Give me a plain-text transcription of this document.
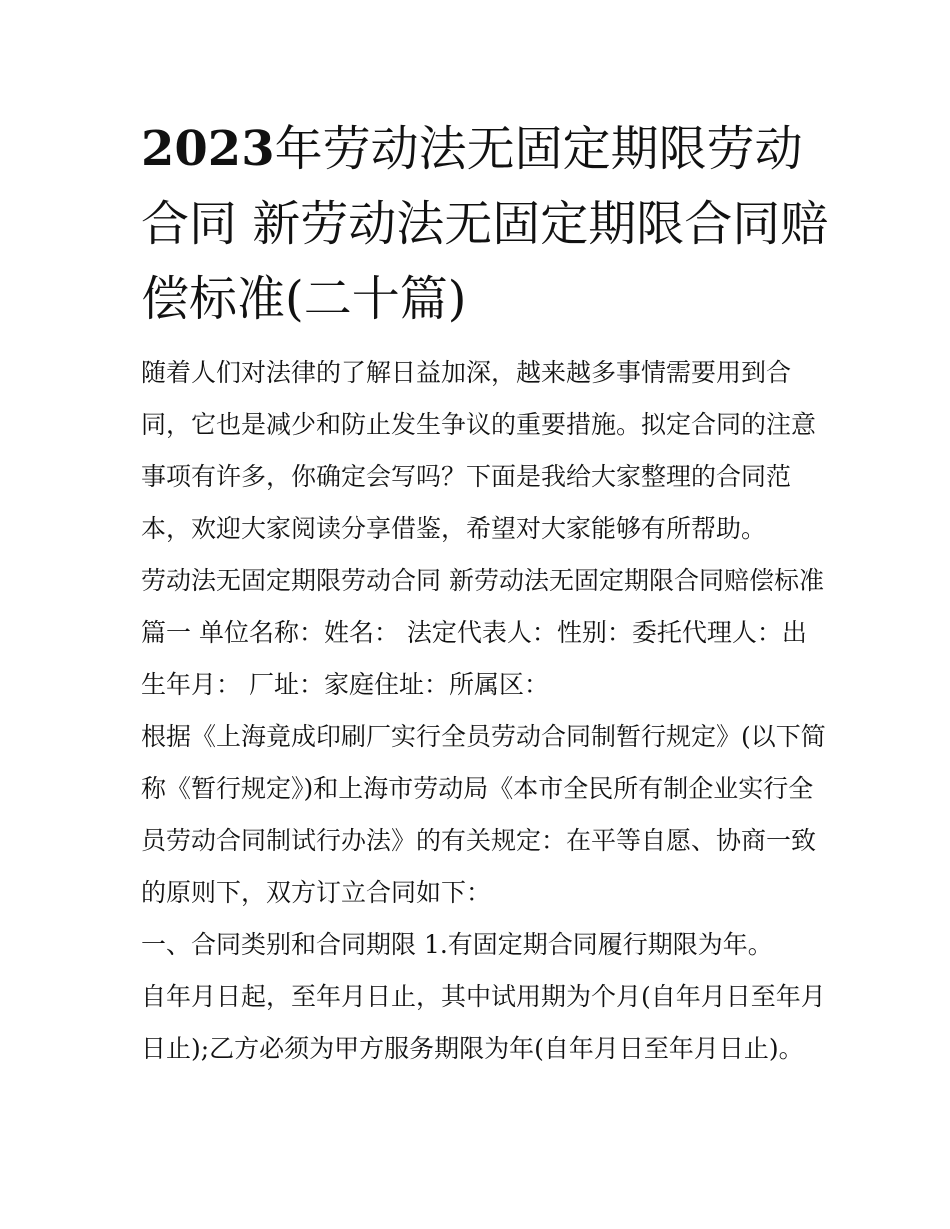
2023年劳动法无固定期限劳动合同 新劳动法无固定期限合同赔偿标准(二十篇)

随着人们对法律的了解日益加深，越来越多事情需要用到合同，它也是减少和防止发生争议的重要措施。拟定合同的注意事项有许多，你确定会写吗？下面是我给大家整理的合同范本，欢迎大家阅读分享借鉴，希望对大家能够有所帮助。

劳动法无固定期限劳动合同 新劳动法无固定期限合同赔偿标准篇一 单位名称：姓名： 法定代表人：性别：委托代理人：出生年月： 厂址：家庭住址：所属区：

根据《上海竟成印刷厂实行全员劳动合同制暂行规定》(以下简称《暂行规定》)和上海市劳动局《本市全民所有制企业实行全员劳动合同制试行办法》的有关规定：在平等自愿、协商一致的原则下，双方订立合同如下：

一、合同类别和合同期限 1.有固定期合同履行期限为年。

自年月日起，至年月日止，其中试用期为个月(自年月日至年月日止);乙方必须为甲方服务期限为年(自年月日至年月日止)。
